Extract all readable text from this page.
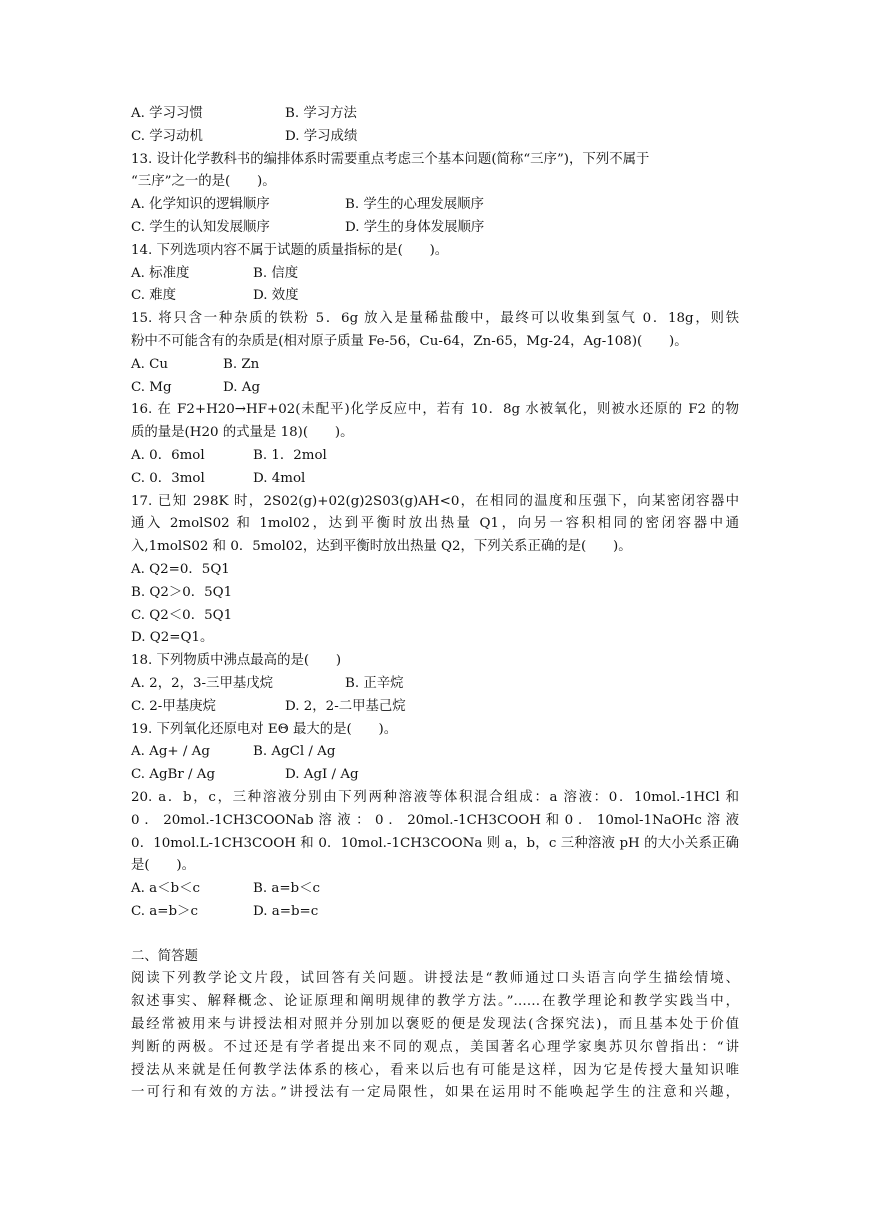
A. 学习习惯	B. 学习方法
C. 学习动机	D. 学习成绩
13. 设计化学教科书的编排体系时需要重点考虑三个基本问题(简称“三序”)，下列不属于
“三序”之一的是(　　)。
A. 化学知识的逻辑顺序	B. 学生的心理发展顺序
C. 学生的认知发展顺序	D. 学生的身体发展顺序
14. 下列选项内容不属于试题的质量指标的是(　　)。
A. 标准度	B. 信度
C. 难度	D. 效度
15. 将只含一种杂质的铁粉 5．6g 放入是量稀盐酸中，最终可以收集到氢气 0．18g，则铁
粉中不可能含有的杂质是(相对原子质量 Fe-56，Cu-64，Zn-65，Mg-24，Ag-108)(　　)。
A. Cu	B. Zn
C. Mg	D. Ag
16. 在 F2+H20→HF+02(未配平)化学反应中，若有 10．8g 水被氧化，则被水还原的 F2 的物
质的量是(H20 的式量是 18)(　　)。
A. 0．6mol	B. 1．2mol
C. 0．3mol	D. 4mol
17. 已知 298K 时，2S02(g)+02(g)2S03(g)AH<0，在相同的温度和压强下，向某密闭容器中
通入 2molS02 和 1mol02，达到平衡时放出热量 Q1，向另一容积相同的密闭容器中通
入,1molS02 和 0．5mol02，达到平衡时放出热量 Q2，下列关系正确的是(　　)。
A. Q2=0．5Q1
B. Q2＞0．5Q1
C. Q2＜0．5Q1
D. Q2=Q1。
18. 下列物质中沸点最高的是(　　)
A. 2，2，3-三甲基戊烷	B. 正辛烷
C. 2-甲基庚烷	D. 2，2-二甲基己烷
19. 下列氧化还原电对 EΘ 最大的是(　　)。
A. Ag+ / Ag	B. AgCl / Ag
C. AgBr / Ag	D. AgI / Ag
20. a．b，c，三种溶液分别由下列两种溶液等体积混合组成：a 溶液：0．10mol.-1HCl 和
0 ． 20mol.-1CH3COONab 溶 液 ： 0 ． 20mol.-1CH3COOH 和 0 ． 10mol-1NaOHc 溶 液
0．10mol.L-1CH3COOH 和 0．10mol.-1CH3COONa 则 a，b，c 三种溶液 pH 的大小关系正确
是(　　)。
A. a＜b＜c	B. a=b＜c
C. a=b＞c	D. a=b=c
二、简答题
阅读下列教学论文片段，试回答有关问题。讲授法是“教师通过口头语言向学生描绘情境、
叙述事实、解释概念、论证原理和阐明规律的教学方法。”……在教学理论和教学实践当中，
最经常被用来与讲授法相对照并分别加以褒贬的便是发现法(含探究法)，而且基本处于价值
判断的两极。不过还是有学者提出来不同的观点，美国著名心理学家奥苏贝尔曾指出：“讲
授法从来就是任何教学法体系的核心，看来以后也有可能是这样，因为它是传授大量知识唯
一可行和有效的方法。”讲授法有一定局限性，如果在运用时不能唤起学生的注意和兴趣，
